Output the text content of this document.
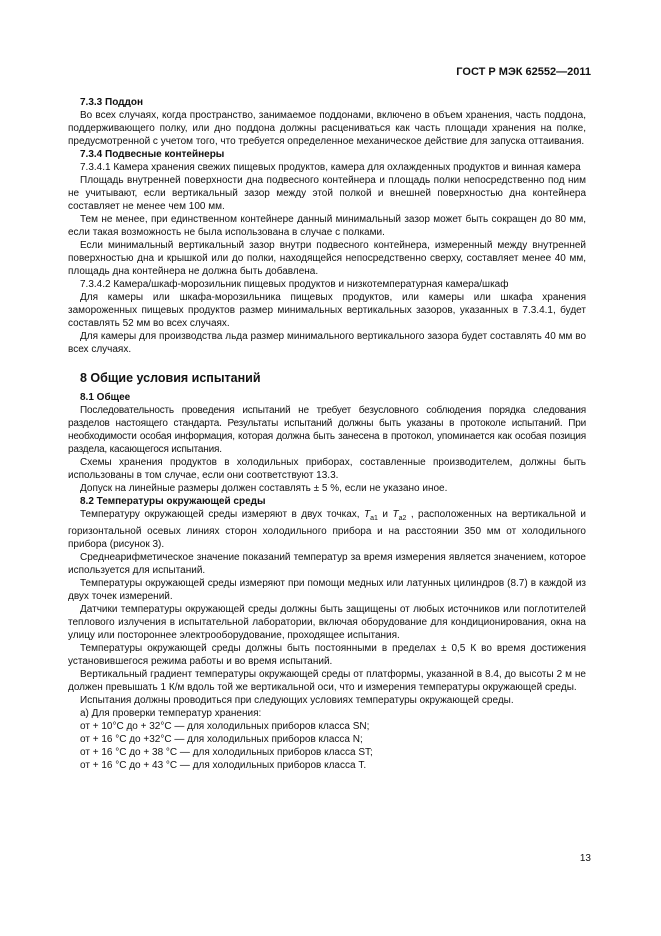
ГОСТ Р МЭК 62552—2011

7.3.3 Поддон

Во всех случаях, когда пространство, занимаемое поддонами, включено в объем хранения, часть поддона, поддерживающего полку, или дно поддона должны расцениваться как часть площади хранения на полке, предусмотренной с учетом того, что требуется определенное механическое действие для запуска оттаивания.

7.3.4 Подвесные контейнеры

7.3.4.1 Камера хранения свежих пищевых продуктов, камера для охлажденных продуктов и винная камера

Площадь внутренней поверхности дна подвесного контейнера и площадь полки непосредственно под ним не учитывают, если вертикальный зазор между этой полкой и внешней поверхностью дна контейнера составляет не менее чем 100 мм.

Тем не менее, при единственном контейнере данный минимальный зазор может быть сокращен до 80 мм, если такая возможность не была использована в случае с полками.

Если минимальный вертикальный зазор внутри подвесного контейнера, измеренный между внутренней поверхностью дна и крышкой или до полки, находящейся непосредственно сверху, составляет менее 40 мм, площадь дна контейнера не должна быть добавлена.

7.3.4.2 Камера/шкаф-морозильник пищевых продуктов и низкотемпературная камера/шкаф

Для камеры или шкафа-морозильника пищевых продуктов, или камеры или шкафа хранения замороженных пищевых продуктов размер минимальных вертикальных зазоров, указанных в 7.3.4.1, будет составлять 52 мм во всех случаях.

Для камеры для производства льда размер минимального вертикального зазора будет составлять 40 мм во всех случаях.

8 Общие условия испытаний

8.1 Общее

Последовательность проведения испытаний не требует безусловного соблюдения порядка следования разделов настоящего стандарта. Результаты испытаний должны быть указаны в протоколе испытаний. При необходимости особая информация, которая должна быть занесена в протокол, упоминается как особая позиция раздела, касающегося испытания.

Схемы хранения продуктов в холодильных приборах, составленные производителем, должны быть использованы в том случае, если они соответствуют 13.3.

Допуск на линейные размеры должен составлять ± 5 %, если не указано иное.

8.2 Температуры окружающей среды

Температуру окружающей среды измеряют в двух точках, $T_{a1}$ и $T_{a2}$ , расположенных на вертикальной и горизонтальной осевых линиях сторон холодильного прибора и на расстоянии 350 мм от холодильного прибора (рисунок 3).

Среднеарифметическое значение показаний температур за время измерения является значением, которое используется для испытаний.

Температуры окружающей среды измеряют при помощи медных или латунных цилиндров (8.7) в каждой из двух точек измерений.

Датчики температуры окружающей среды должны быть защищены от любых источников или поглотителей теплового излучения в испытательной лаборатории, включая оборудование для кондиционирования, окна на улицу или постороннее электрооборудование, проходящее испытания.

Температуры окружающей среды должны быть постоянными в пределах ± 0,5 К во время достижения установившегося режима работы и во время испытаний.

Вертикальный градиент температуры окружающей среды от платформы, указанной в 8.4, до высоты 2 м не должен превышать 1 К/м вдоль той же вертикальной оси, что и измерения температуры окружающей среды.

Испытания должны проводиться при следующих условиях температуры окружающей среды.

а) Для проверки температур хранения:

от + 10°С до + 32°С — для холодильных приборов класса SN;

от + 16 °С до +32°С — для холодильных приборов класса N;

от + 16 °С до + 38 °С — для холодильных приборов класса ST;

от + 16 °С до + 43 °С — для холодильных приборов класса Т.

13
